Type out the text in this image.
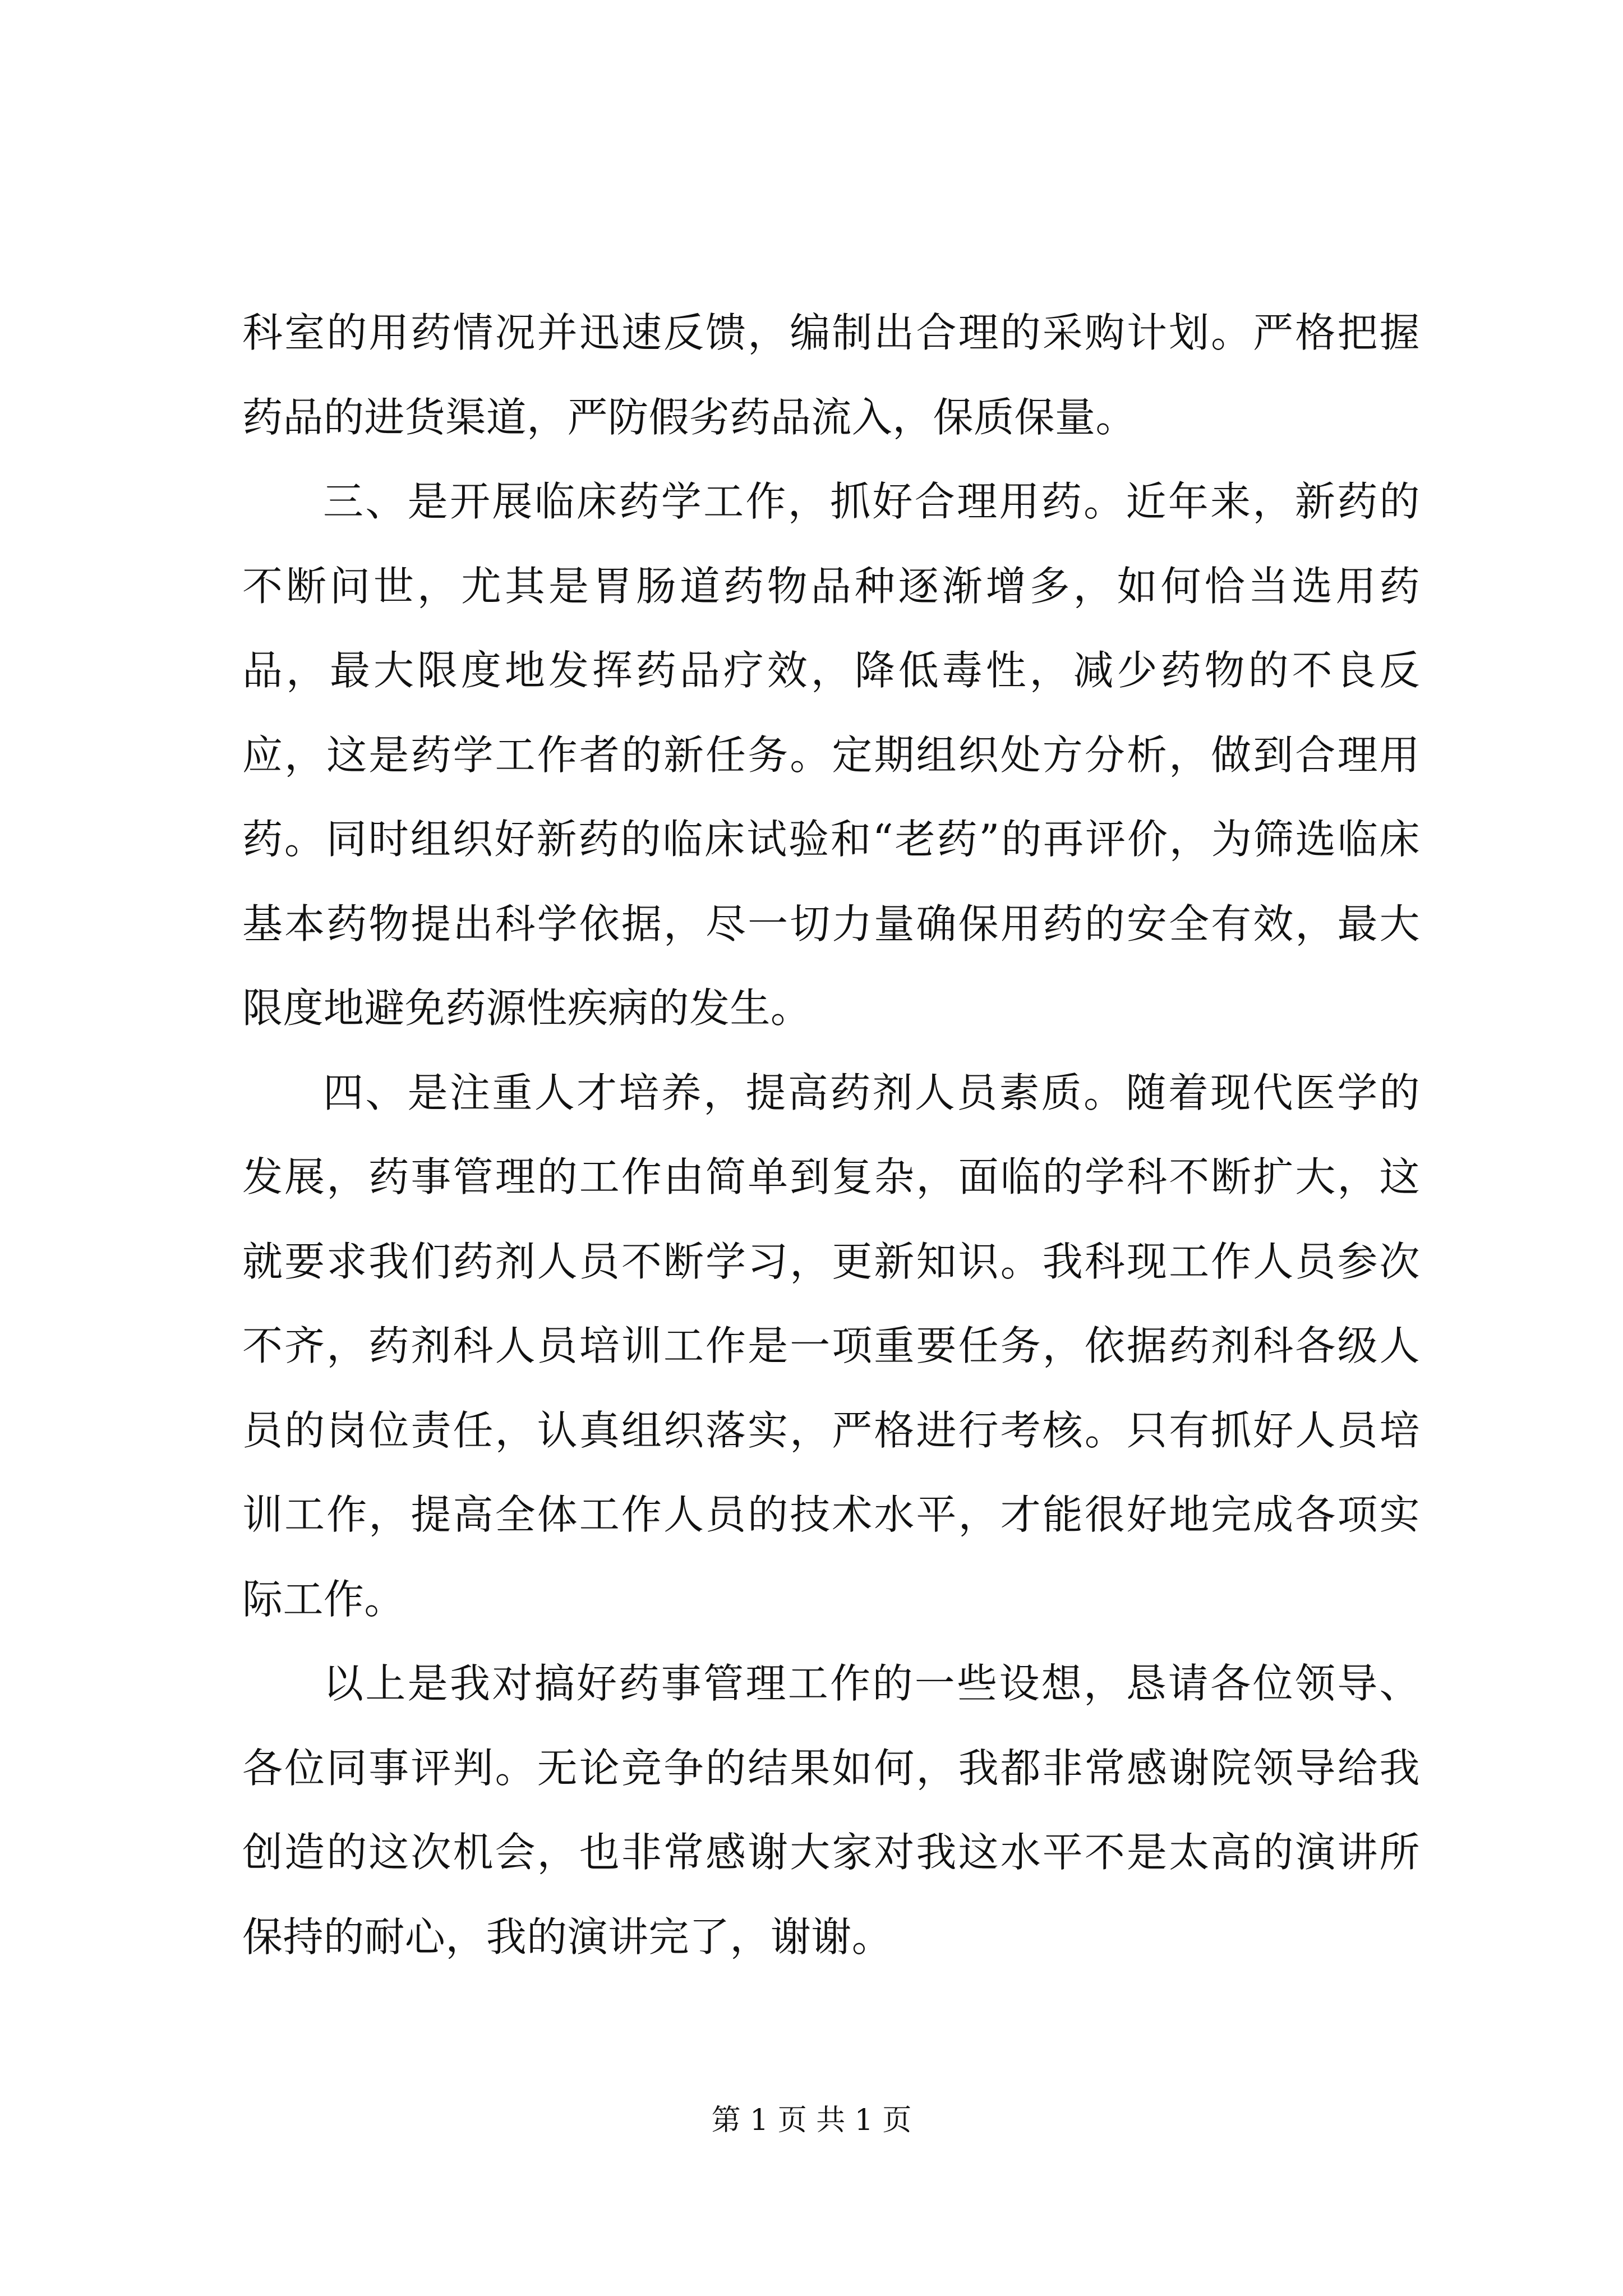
科室的用药情况并迅速反馈，编制出合理的采购计划。严格把握药品的进货渠道，严防假劣药品流入，保质保量。

三、是开展临床药学工作，抓好合理用药。近年来，新药的不断问世，尤其是胃肠道药物品种逐渐增多，如何恰当选用药品，最大限度地发挥药品疗效，降低毒性，减少药物的不良反应，这是药学工作者的新任务。定期组织处方分析，做到合理用药。同时组织好新药的临床试验和“老药”的再评价，为筛选临床基本药物提出科学依据，尽一切力量确保用药的安全有效，最大限度地避免药源性疾病的发生。

四、是注重人才培养，提高药剂人员素质。随着现代医学的发展，药事管理的工作由简单到复杂，面临的学科不断扩大，这就要求我们药剂人员不断学习，更新知识。我科现工作人员参次不齐，药剂科人员培训工作是一项重要任务，依据药剂科各级人员的岗位责任，认真组织落实，严格进行考核。只有抓好人员培训工作，提高全体工作人员的技术水平，才能很好地完成各项实际工作。

以上是我对搞好药事管理工作的一些设想，恳请各位领导、各位同事评判。无论竞争的结果如何，我都非常感谢院领导给我创造的这次机会，也非常感谢大家对我这水平不是太高的演讲所保持的耐心，我的演讲完了，谢谢。

第 1 页 共 1 页
